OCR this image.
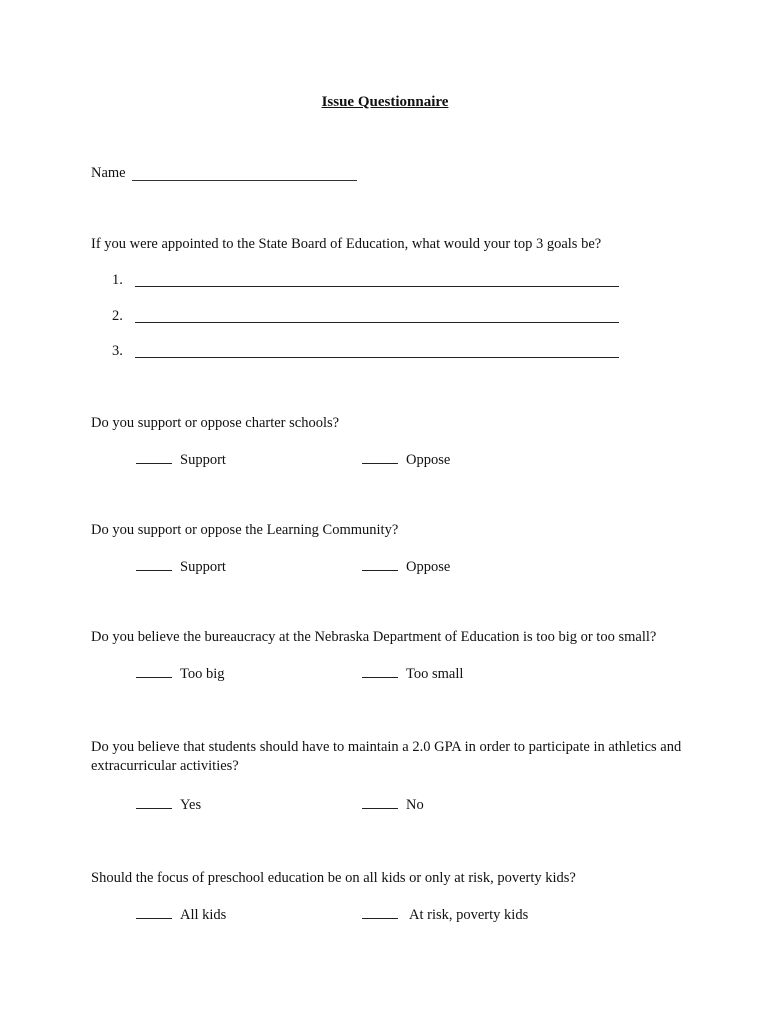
Issue Questionnaire
Name
If you were appointed to the State Board of Education, what would your top 3 goals be?
1.
2.
3.
Do you support or oppose charter schools?
Support	Oppose
Do you support or oppose the Learning Community?
Support	Oppose
Do you believe the bureaucracy at the Nebraska Department of Education is too big or too small?
Too big	Too small
Do you believe that students should have to maintain a 2.0 GPA in order to participate in athletics and extracurricular activities?
Yes	No
Should the focus of preschool education be on all kids or only at risk, poverty kids?
All kids	At risk, poverty kids
